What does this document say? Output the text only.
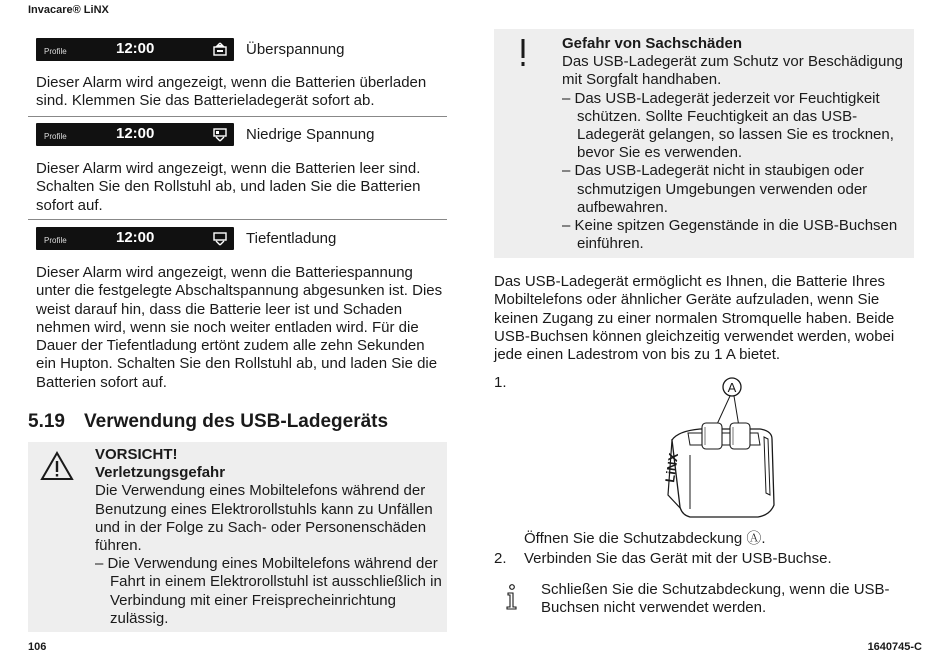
Invacare® LiNX
Profile	12:00	Überspannung

Dieser Alarm wird angezeigt, wenn die Batterien überladen sind. Klemmen Sie das Batterieladegerät sofort ab.

Profile	12:00	Niedrige Spannung

Dieser Alarm wird angezeigt, wenn die Batterien leer sind. Schalten Sie den Rollstuhl ab, und laden Sie die Batterien sofort auf.

Profile	12:00	Tiefentladung

Dieser Alarm wird angezeigt, wenn die Batteriespannung unter die festgelegte Abschaltspannung abgesunken ist. Dies weist darauf hin, dass die Batterie leer ist und Schaden nehmen wird, wenn sie noch weiter entladen wird. Für die Dauer der Tiefentladung ertönt zudem alle zehn Sekunden ein Hupton. Schalten Sie den Rollstuhl ab, und laden Sie die Batterien sofort auf.

5.19 Verwendung des USB-Ladegeräts
VORSICHT!
Verletzungsgefahr
Die Verwendung eines Mobiltelefons während der Benutzung eines Elektrorollstuhls kann zu Unfällen und in der Folge zu Sach- oder Personenschäden führen.
– Die Verwendung eines Mobiltelefons während der Fahrt in einem Elektrorollstuhl ist ausschließlich in Verbindung mit einer Freisprecheinrichtung zulässig.
Gefahr von Sachschäden
Das USB-Ladegerät zum Schutz vor Beschädigung mit Sorgfalt handhaben.
– Das USB-Ladegerät jederzeit vor Feuchtigkeit schützen. Sollte Feuchtigkeit an das USB-Ladegerät gelangen, so lassen Sie es trocknen, bevor Sie es verwenden.
– Das USB-Ladegerät nicht in staubigen oder schmutzigen Umgebungen verwenden oder aufbewahren.
– Keine spitzen Gegenstände in die USB-Buchsen einführen.

Das USB-Ladegerät ermöglicht es Ihnen, die Batterie Ihres Mobiltelefons oder ähnlicher Geräte aufzuladen, wenn Sie keinen Zugang zu einer normalen Stromquelle haben. Beide USB-Buchsen können gleichzeitig verwendet werden, wobei jede einen Ladestrom von bis zu 1 A bietet.

1.	A
LiNX
Öffnen Sie die Schutzabdeckung Ⓐ.
2. Verbinden Sie das Gerät mit der USB-Buchse.

Schließen Sie die Schutzabdeckung, wenn die USB-Buchsen nicht verwendet werden.

106	1640745-C
